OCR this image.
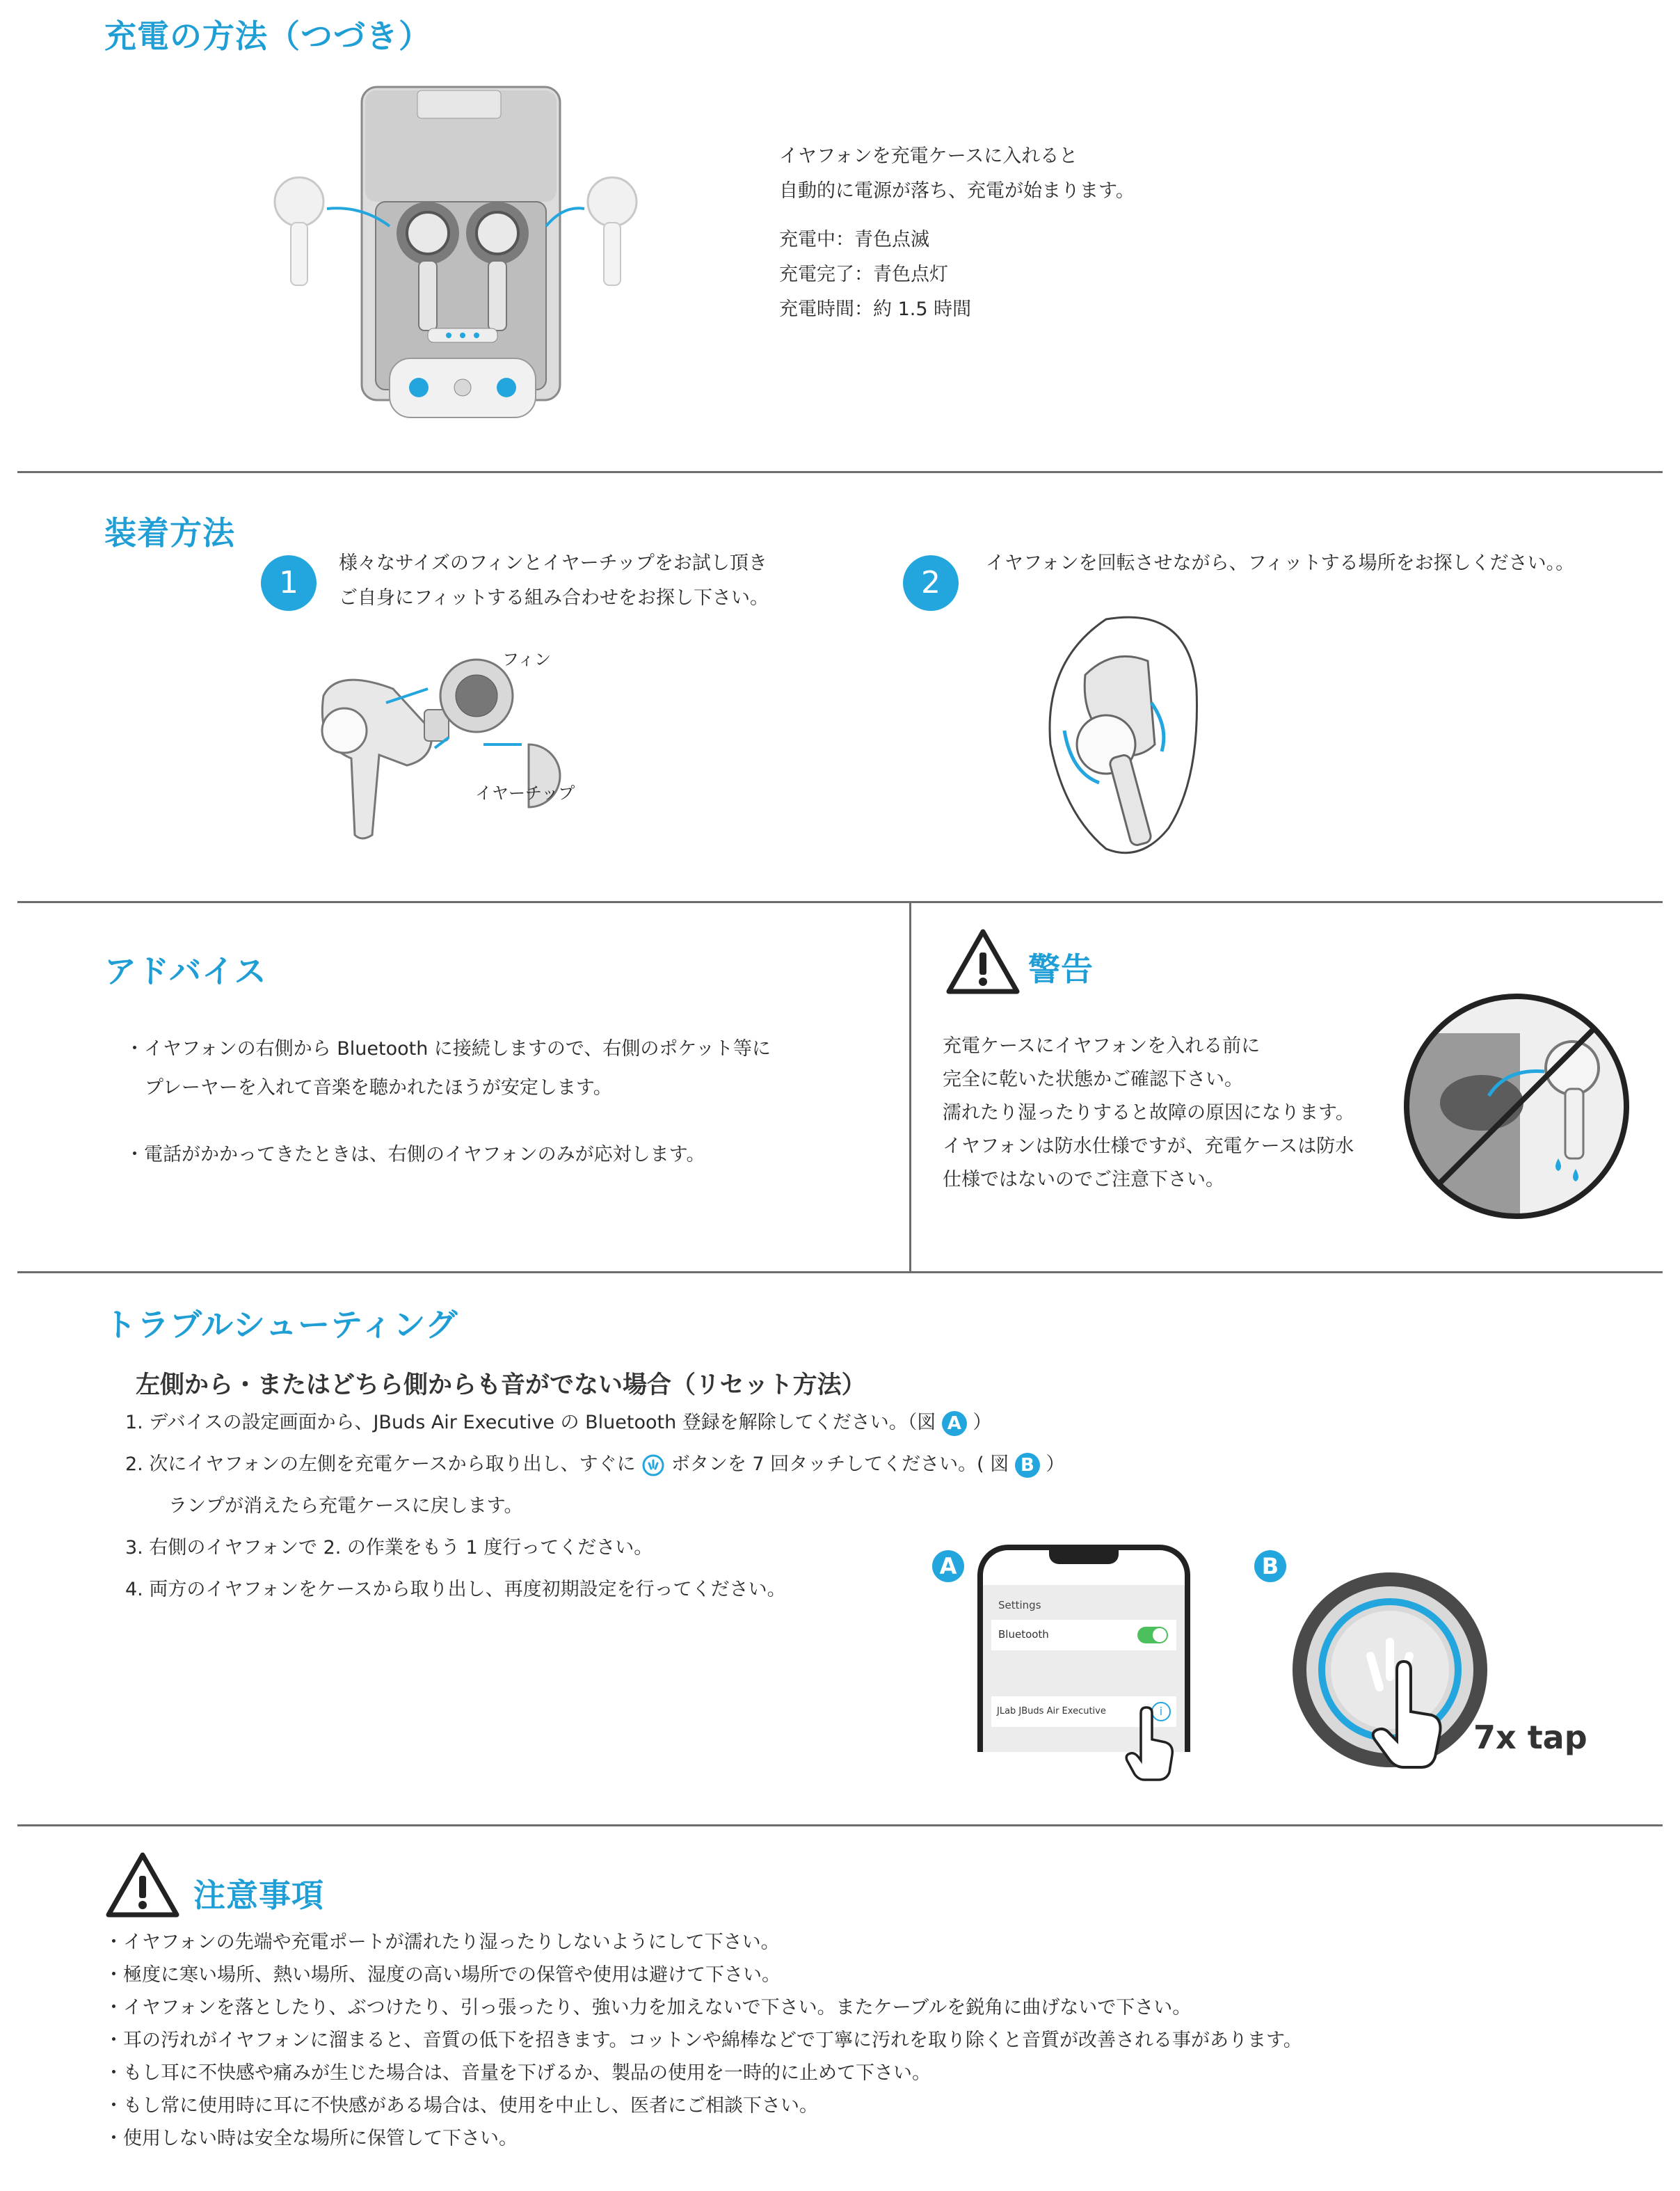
充電の方法（つづき）
イヤフォンを充電ケースに入れると
自動的に電源が落ち、充電が始まります。
充電中：青色点滅
充電完了：青色点灯
充電時間：約 1.5 時間
装着方法
1
様々なサイズのフィンとイヤーチップをお試し頂き
ご自身にフィットする組み合わせをお探し下さい。
フィン
イヤーチップ
2
イヤフォンを回転させながら、フィットする場所をお探しください。。
アドバイス
・イヤフォンの右側から Bluetooth に接続しますので、右側のポケット等に
プレーヤーを入れて音楽を聴かれたほうが安定します。
・電話がかかってきたときは、右側のイヤフォンのみが応対します。
警告
充電ケースにイヤフォンを入れる前に
完全に乾いた状態かご確認下さい。
濡れたり湿ったりすると故障の原因になります。
イヤフォンは防水仕様ですが、充電ケースは防水
仕様ではないのでご注意下さい。
トラブルシューティング
左側から・またはどちら側からも音がでない場合（リセット方法）
1. デバイスの設定画面から、JBuds Air Executive の Bluetooth 登録を解除してください。（図 A ）
2. 次にイヤフォンの左側を充電ケースから取り出し、すぐに  ボタンを 7 回タッチしてください。( 図 B ）
ランプが消えたら充電ケースに戻します。
3. 右側のイヤフォンで 2. の作業をもう 1 度行ってください。
4. 両方のイヤフォンをケースから取り出し、再度初期設定を行ってください。
A
Settings
Bluetooth
JLab JBuds Air Executive	i
B
7x tap
注意事項
・ イヤフォンの先端や充電ポートが濡れたり湿ったりしないようにして下さい。
・ 極度に寒い場所、熱い場所、湿度の高い場所での保管や使用は避けて下さい。
・ イヤフォンを落としたり、ぶつけたり、引っ張ったり、強い力を加えないで下さい。またケーブルを鋭角に曲げないで下さい。
・ 耳の汚れがイヤフォンに溜まると、音質の低下を招きます。コットンや綿棒などで丁寧に汚れを取り除くと音質が改善される事があります。
・ もし耳に不快感や痛みが生じた場合は、音量を下げるか、製品の使用を一時的に止めて下さい。
・ もし常に使用時に耳に不快感がある場合は、使用を中止し、医者にご相談下さい。
・ 使用しない時は安全な場所に保管して下さい。
